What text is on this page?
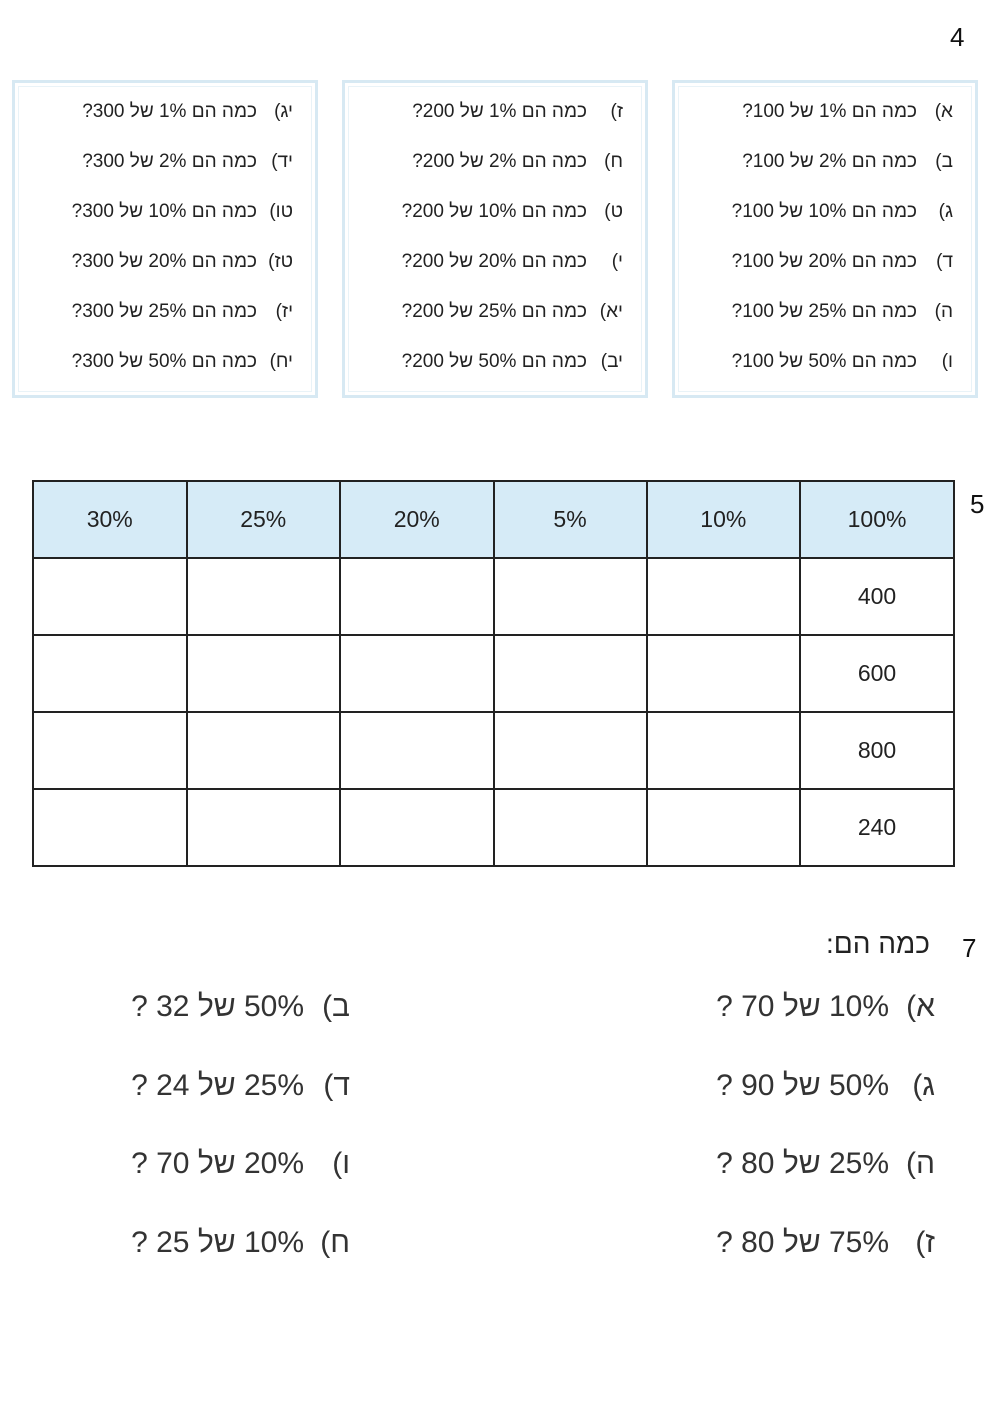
4
א)כמה הם 1% של 100?
ב)כמה הם 2% של 100?
ג)כמה הם 10% של 100?
ד)כמה הם 20% של 100?
ה)כמה הם 25% של 100?
ו)כמה הם 50% של 100?
ז)כמה הם 1% של 200?
ח)כמה הם 2% של 200?
ט)כמה הם 10% של 200?
י)כמה הם 20% של 200?
יא)כמה הם 25% של 200?
יב)כמה הם 50% של 200?
יג)כמה הם 1% של 300?
יד)כמה הם 2% של 300?
טו)כמה הם 10% של 300?
טז)כמה הם 20% של 300?
יז)כמה הם 25% של 300?
יח)כמה הם 50% של 300?
5
30%	25%	20%	5%	10%	100%
					400
					600
					800
					240
7
כמה הם:
א)10% של 70 ?
ב)50% של 32 ?
ג)50% של 90 ?
ד)25% של 24 ?
ה)25% של 80 ?
ו)20% של 70 ?
ז)75% של 80 ?
ח)10% של 25 ?
